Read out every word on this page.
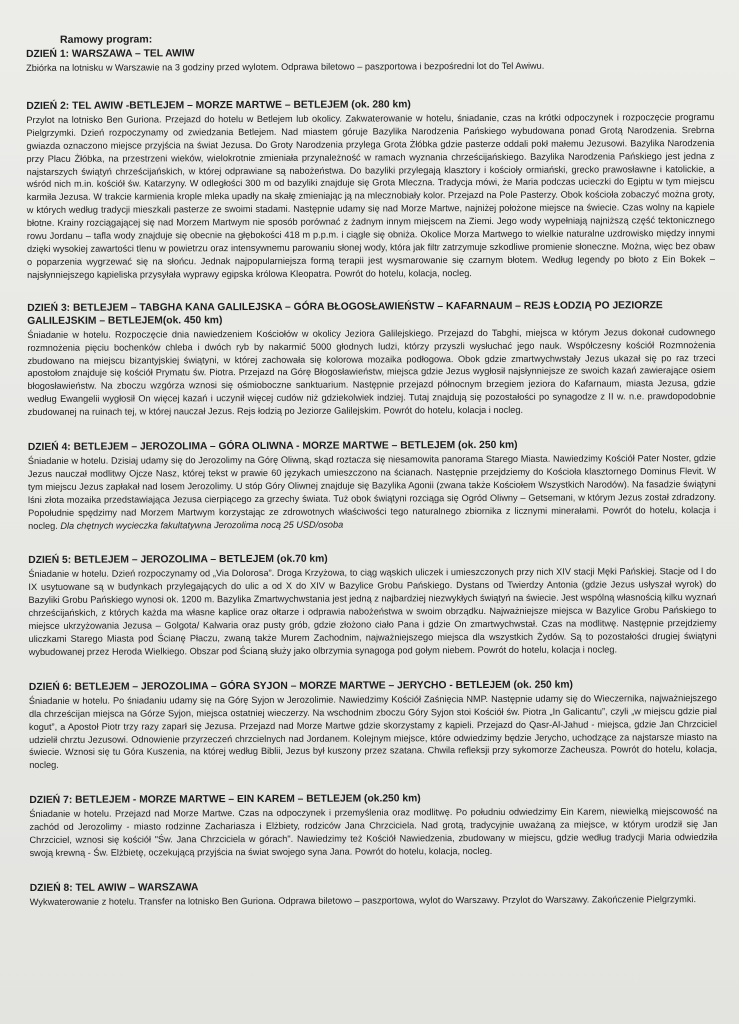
Ramowy program:
DZIEŃ 1: WARSZAWA – TEL AWIW

Zbiórka na lotnisku w Warszawie na 3 godziny przed wylotem. Odprawa biletowo – paszportowa i bezpośredni lot do Tel Awiwu.

DZIEŃ 2: TEL AWIW -BETLEJEM – MORZE MARTWE – BETLEJEM (ok. 280 km)

Przylot na lotnisko Ben Guriona. Przejazd do hotelu w Betlejem lub okolicy. Zakwaterowanie w hotelu, śniadanie, czas na krótki odpoczynek i rozpoczęcie programu Pielgrzymki. Dzień rozpoczynamy od zwiedzania Betlejem. Nad miastem góruje Bazylika Narodzenia Pańskiego wybudowana ponad Grotą Narodzenia. Srebrna gwiazda oznaczono miejsce przyjścia na świat Jezusa. Do Groty Narodzenia przylega Grota Żłóbka gdzie pasterze oddali pokł małemu Jezusowi. Bazylika Narodzenia przy Placu Żłóbka, na przestrzeni wieków, wielokrotnie zmieniała przynależność w ramach wyznania chrześcijańskiego. Bazylika Narodzenia Pańskiego jest jedna z najstarszych świątyń chrześcijańskich, w której odprawiane są nabożeństwa. Do bazyliki przylegają klasztory i kościoły ormiański, grecko prawosławne i katolickie, a wśród nich m.in. kościół św. Katarzyny. W odległości 300 m od bazyliki znajduje się Grota Mleczna. Tradycja mówi, że Maria podczas ucieczki do Egiptu w tym miejscu karmiła Jezusa. W trakcie karmienia krople mleka upadły na skałę zmieniając ją na mlecznobiały kolor. Przejazd na Pole Pasterzy. Obok kościoła zobaczyć można groty, w których według tradycji mieszkali pasterze ze swoimi stadami. Następnie udamy się nad Morze Martwe, najniżej położone miejsce na świecie. Czas wolny na kąpiele błotne. Krainy rozciągającej się nad Morzem Martwym nie sposób porównać z żadnym innym miejscem na Ziemi. Jego wody wypełniają najniższą część tektonicznego rowu Jordanu – tafla wody znajduje się obecnie na głębokości 418 m p.p.m. i ciągle się obniża. Okolice Morza Martwego to wielkie naturalne uzdrowisko między innymi dzięki wysokiej zawartości tlenu w powietrzu oraz intensywnemu parowaniu słonej wody, która jak filtr zatrzymuje szkodliwe promienie słoneczne. Można, więc bez obaw o poparzenia wygrzewać się na słońcu. Jednak najpopularniejsza formą terapii jest wysmarowanie się czarnym błotem. Według legendy po błoto z Ein Bokek – najsłynniejszego kąpieliska przysyłała wyprawy egipska królowa Kleopatra. Powrót do hotelu, kolacja, nocleg.

DZIEŃ 3: BETLEJEM – TABGHA KANA GALILEJSKA – GÓRA BŁOGOSŁAWIEŃSTW – KAFARNAUM – REJS ŁODZIĄ PO JEZIORZE GALILEJSKIM – BETLEJEM(ok. 450 km)

Śniadanie w hotelu. Rozpoczęcie dnia nawiedzeniem Kościołów w okolicy Jeziora Galilejskiego. Przejazd do Tabghi, miejsca w którym Jezus dokonał cudownego rozmnożenia pięciu bochenków chleba i dwóch ryb by nakarmić 5000 głodnych ludzi, którzy przyszli wysłuchać jego nauk. Współczesny kościół Rozmnożenia zbudowano na miejscu bizantyjskiej świątyni, w której zachowała się kolorowa mozaika podłogowa. Obok gdzie zmartwychwstały Jezus ukazał się po raz trzeci apostołom znajduje się kościół Prymatu św. Piotra. Przejazd na Górę Błogosławieństw, miejsca gdzie Jezus wygłosił najsłynniejsze ze swoich kazań zawierające osiem błogosławieństw. Na zboczu wzgórza wznosi się ośmioboczne sanktuarium. Następnie przejazd północnym brzegiem jeziora do Kafarnaum, miasta Jezusa, gdzie według Ewangelii wygłosił On więcej kazań i uczynił więcej cudów niż gdziekolwiek indziej. Tutaj znajdują się pozostałości po synagodze z II w. n.e. prawdopodobnie zbudowanej na ruinach tej, w której nauczał Jezus. Rejs łodzią po Jeziorze Galilejskim. Powrót do hotelu, kolacja i nocleg.

DZIEŃ 4: BETLEJEM – JEROZOLIMA – GÓRA OLIWNA - MORZE MARTWE – BETLEJEM (ok. 250 km)

Śniadanie w hotelu. Dzisiaj udamy się do Jerozolimy na Górę Oliwną, skąd roztacza się niesamowita panorama Starego Miasta. Nawiedzimy Kościół Pater Noster, gdzie Jezus nauczał modlitwy Ojcze Nasz, której tekst w prawie 60 językach umieszczono na ścianach. Następnie przejdziemy do Kościoła klasztornego Dominus Flevit. W tym miejscu Jezus zapłakał nad losem Jerozolimy. U stóp Góry Oliwnej znajduje się Bazylika Agonii (zwana także Kościołem Wszystkich Narodów). Na fasadzie świątyni lśni złota mozaika przedstawiająca Jezusa cierpiącego za grzechy świata. Tuż obok świątyni rozciąga się Ogród Oliwny – Getsemani, w którym Jezus został zdradzony. Popołudnie spędzimy nad Morzem Martwym korzystając ze zdrowotnych właściwości tego naturalnego zbiornika z licznymi minerałami. Powrót do hotelu, kolacja i nocleg. Dla chętnych wycieczka fakultatywna Jerozolima nocą 25 USD/osoba

DZIEŃ 5: BETLEJEM – JEROZOLIMA – BETLEJEM (ok.70 km)

Śniadanie w hotelu. Dzień rozpoczynamy od „Via Dolorosa”. Droga Krzyżowa, to ciąg wąskich uliczek i umieszczonych przy nich XIV stacji Męki Pańskiej. Stacje od I do IX usytuowane są w budynkach przylegających do ulic a od X do XIV w Bazylice Grobu Pańskiego. Dystans od Twierdzy Antonia (gdzie Jezus usłyszał wyrok) do Bazyliki Grobu Pańskiego wynosi ok. 1200 m. Bazylika Zmartwychwstania jest jedną z najbardziej niezwykłych świątyń na świecie. Jest wspólną własnością kilku wyznań chrześcijańskich, z których każda ma własne kaplice oraz ołtarze i odprawia nabożeństwa w swoim obrządku. Najważniejsze miejsca w Bazylice Grobu Pańskiego to miejsce ukrzyżowania Jezusa – Golgota/ Kalwaria oraz pusty grób, gdzie złożono ciało Pana i gdzie On zmartwychwstał. Czas na modlitwę. Następnie przejdziemy uliczkami Starego Miasta pod Ścianę Płaczu, zwaną także Murem Zachodnim, najważniejszego miejsca dla wszystkich Żydów. Są to pozostałości drugiej świątyni wybudowanej przez Heroda Wielkiego. Obszar pod Ścianą służy jako olbrzymia synagoga pod gołym niebem. Powrót do hotelu, kolacja i nocleg.

DZIEŃ 6: BETLEJEM – JEROZOLIMA – GÓRA SYJON – MORZE MARTWE – JERYCHO - BETLEJEM (ok. 250 km)

Śniadanie w hotelu. Po śniadaniu udamy się na Górę Syjon w Jerozolimie. Nawiedzimy Kościół Zaśnięcia NMP. Następnie udamy się do Wieczernika, najważniejszego dla chrześcijan miejsca na Górze Syjon, miejsca ostatniej wieczerzy. Na wschodnim zboczu Góry Syjon stoi Kościół św. Piotra „In Galicantu”, czyli „w miejscu gdzie pial kogut”, a Apostoł Piotr trzy razy zaparł się Jezusa. Przejazd nad Morze Martwe gdzie skorzystamy z kąpieli. Przejazd do Qasr-Al-Jahud - miejsca, gdzie Jan Chrzciciel udzielił chrztu Jezusowi. Odnowienie przyrzeczeń chrzcielnych nad Jordanem. Kolejnym miejsce, które odwiedzimy będzie Jerycho, uchodzące za najstarsze miasto na świecie. Wznosi się tu Góra Kuszenia, na której według Biblii, Jezus był kuszony przez szatana. Chwila refleksji przy sykomorze Zacheusza. Powrót do hotelu, kolacja, nocleg.

DZIEŃ 7: BETLEJEM - MORZE MARTWE – EIN KAREM – BETLEJEM (ok.250 km)

Śniadanie w hotelu. Przejazd nad Morze Martwe. Czas na odpoczynek i przemyślenia oraz modlitwę. Po południu odwiedzimy Ein Karem, niewielką miejscowość na zachód od Jerozolimy - miasto rodzinne Zachariasza i Elżbiety, rodziców Jana Chrzciciela. Nad grotą, tradycyjnie uważaną za miejsce, w którym urodził się Jan Chrzciciel, wznosi się kościół "Św. Jana Chrzciciela w górach". Nawiedzimy też Kościół Nawiedzenia, zbudowany w miejscu, gdzie według tradycji Maria odwiedziła swoją krewną - Św. Elżbietę, oczekującą przyjścia na świat swojego syna Jana. Powrót do hotelu, kolacja, nocleg.

DZIEŃ 8: TEL AWIW – WARSZAWA

Wykwaterowanie z hotelu. Transfer na lotnisko Ben Guriona. Odprawa biletowo – paszportowa, wylot do Warszawy. Przylot do Warszawy. Zakończenie Pielgrzymki.
